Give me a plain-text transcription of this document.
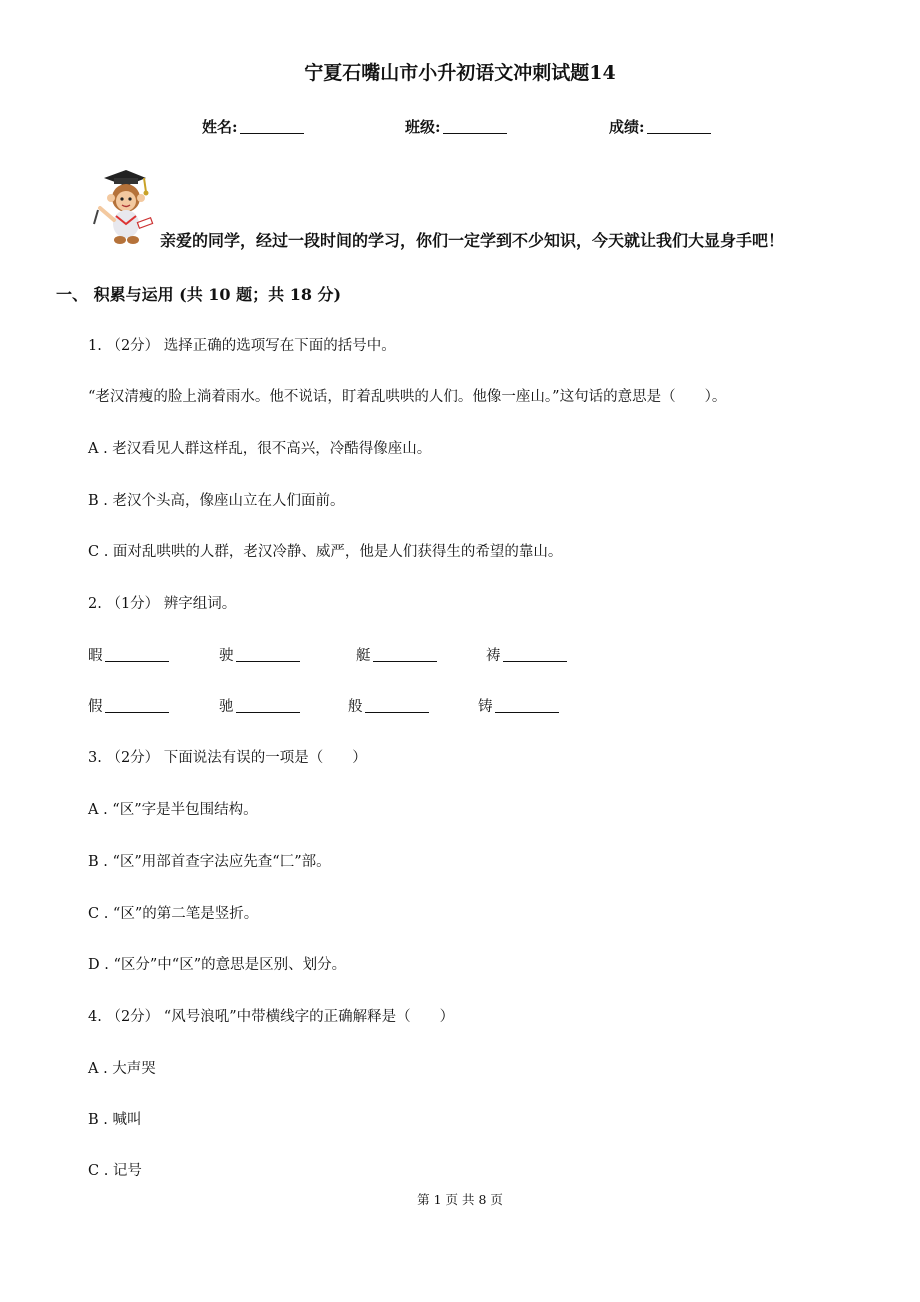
宁夏石嘴山市小升初语文冲刺试题14
姓名:	班级:	成绩:
亲爱的同学，经过一段时间的学习，你们一定学到不少知识，今天就让我们大显身手吧！
一、 积累与运用 (共 10 题；共 18 分)
1. （2分） 选择正确的选项写在下面的括号中。
“老汉清瘦的脸上淌着雨水。他不说话，盯着乱哄哄的人们。他像一座山。”这句话的意思是（　　）。
A . 老汉看见人群这样乱，很不高兴，冷酷得像座山。
B . 老汉个头高，像座山立在人们面前。
C . 面对乱哄哄的人群，老汉冷静、威严，他是人们获得生的希望的靠山。
2. （1分） 辨字组词。
暇	驶	艇	祷
假	驰	般	铸
3. （2分） 下面说法有误的一项是（　　）
A . “区”字是半包围结构。
B . “区”用部首查字法应先查“匚”部。
C . “区”的第二笔是竖折。
D . “区分”中“区”的意思是区别、划分。
4. （2分） “风号浪吼”中带横线字的正确解释是（　　）
A . 大声哭
B . 喊叫
C . 记号
第 1 页 共 8 页
